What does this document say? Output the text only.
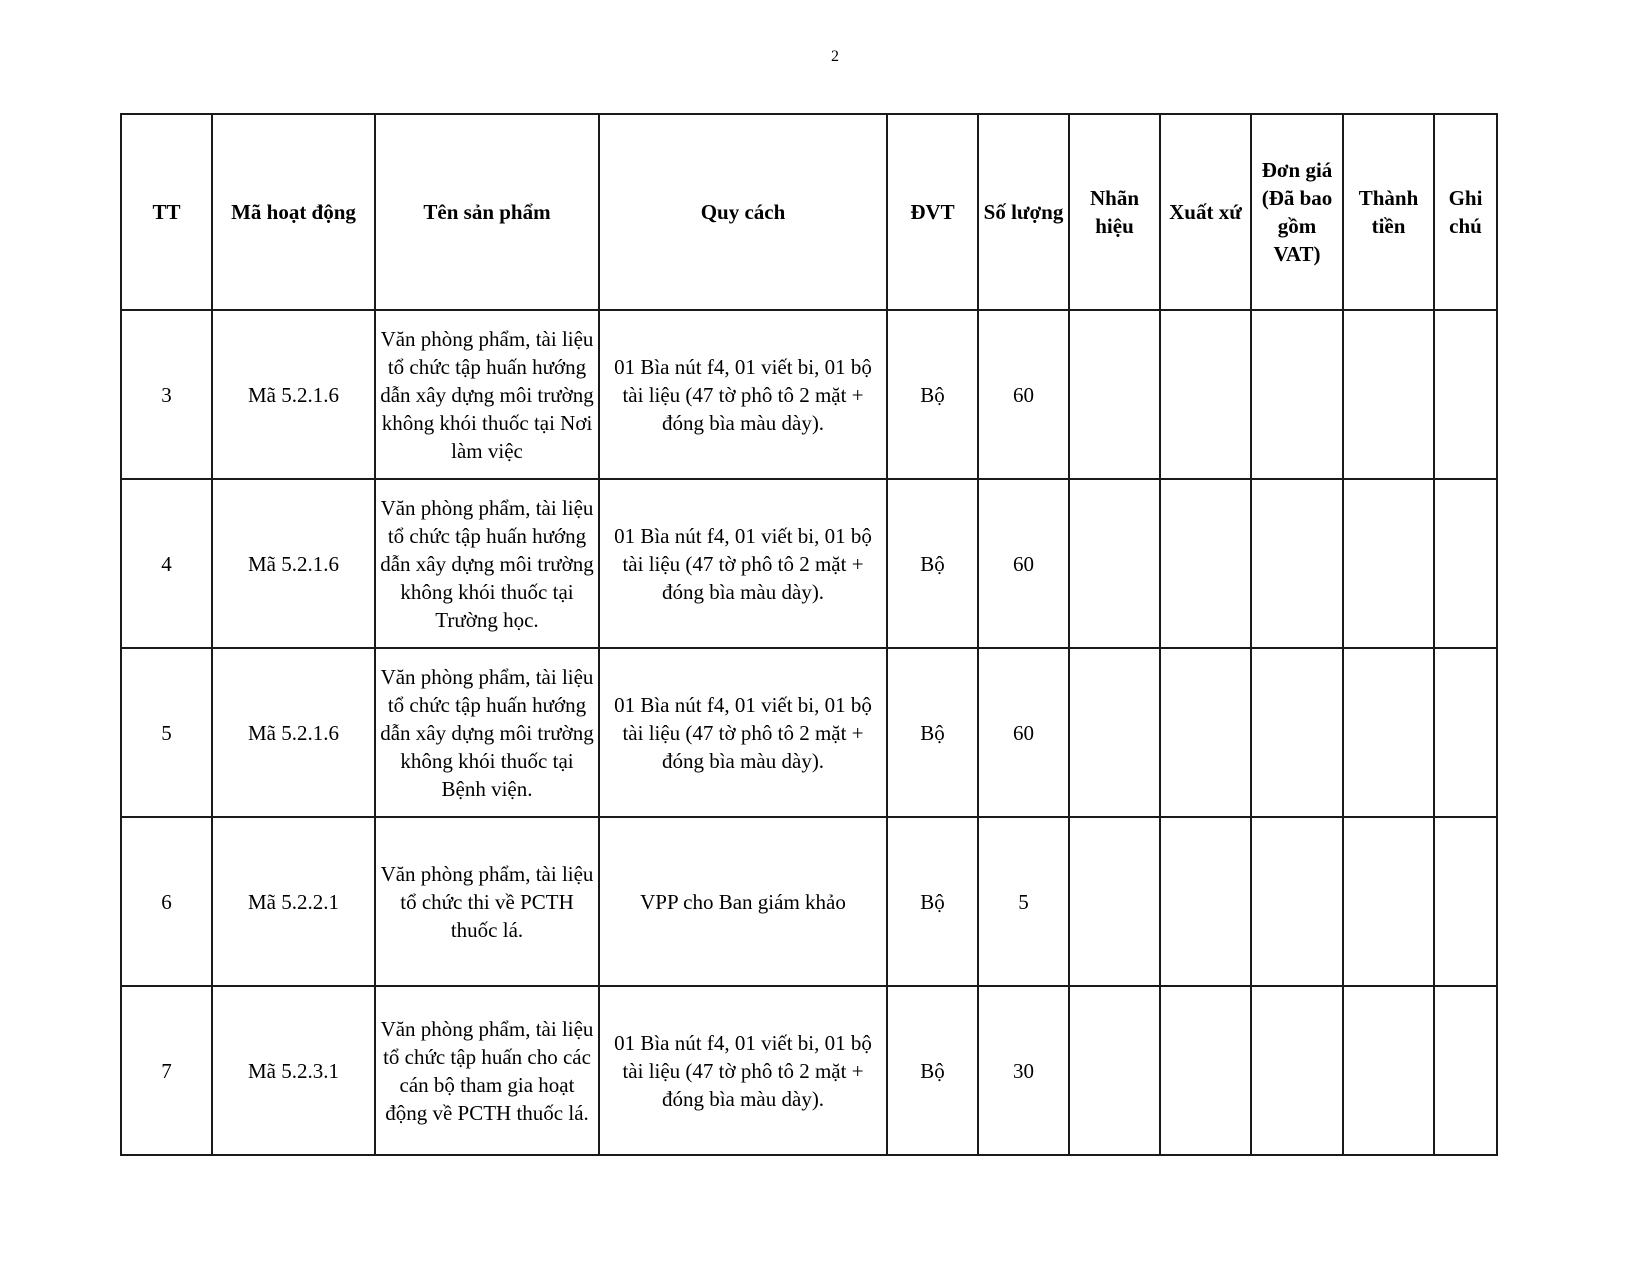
2
TT	Mã hoạt động	Tên sản phẩm	Quy cách	ĐVT	Số lượng	Nhãn hiệu	Xuất xứ	Đơn giá (Đã bao gồm VAT)	Thành tiền	Ghi chú
3	Mã 5.2.1.6	Văn phòng phẩm, tài liệu tổ chức tập huấn hướng dẫn xây dựng môi trường không khói thuốc tại Nơi làm việc	01 Bìa nút f4, 01 viết bi, 01 bộ tài liệu (47 tờ phô tô 2 mặt + đóng bìa màu dày).	Bộ	60					
4	Mã 5.2.1.6	Văn phòng phẩm, tài liệu tổ chức tập huấn hướng dẫn xây dựng môi trường không khói thuốc tại Trường học.	01 Bìa nút f4, 01 viết bi, 01 bộ tài liệu (47 tờ phô tô 2 mặt + đóng bìa màu dày).	Bộ	60					
5	Mã 5.2.1.6	Văn phòng phẩm, tài liệu tổ chức tập huấn hướng dẫn xây dựng môi trường không khói thuốc tại Bệnh viện.	01 Bìa nút f4, 01 viết bi, 01 bộ tài liệu (47 tờ phô tô 2 mặt + đóng bìa màu dày).	Bộ	60					
6	Mã 5.2.2.1	Văn phòng phẩm, tài liệu tổ chức thi về PCTH thuốc lá.	VPP cho Ban giám khảo	Bộ	5					
7	Mã 5.2.3.1	Văn phòng phẩm, tài liệu tổ chức tập huấn cho các cán bộ tham gia hoạt động về PCTH thuốc lá.	01 Bìa nút f4, 01 viết bi, 01 bộ tài liệu (47 tờ phô tô 2 mặt + đóng bìa màu dày).	Bộ	30					
